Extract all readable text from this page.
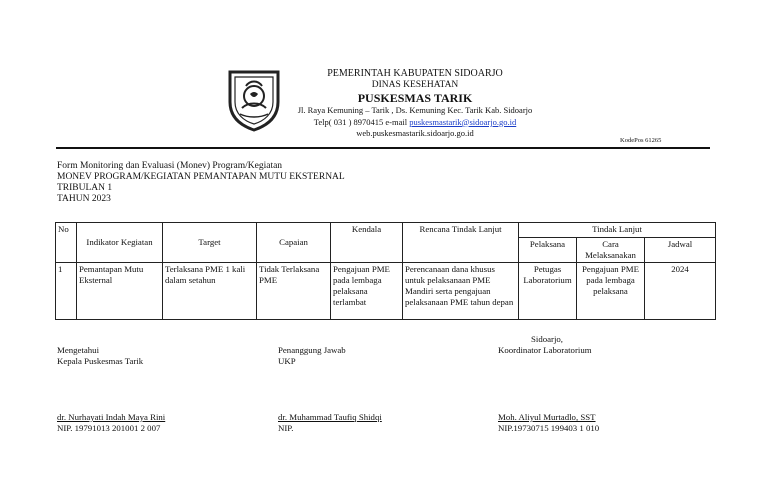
PEMERINTAH KABUPATEN SIDOARJO
DINAS KESEHATAN
PUSKESMAS TARIK
Jl. Raya Kemuning – Tarik , Ds. Kemuning Kec. Tarik Kab. Sidoarjo
Telp( 031 ) 8970415 e-mail puskesmastarik@sidoarjo.go.id
web.puskesmastarik.sidoarjo.go.id
KodePos 61265
Form Monitoring dan Evaluasi (Monev) Program/Kegiatan
MONEV PROGRAM/KEGIATAN PEMANTAPAN MUTU EKSTERNAL
TRIBULAN 1
TAHUN 2023
No	Indikator Kegiatan	Target	Capaian	Kendala	Rencana Tindak Lanjut	Tindak Lanjut		
						Pelaksana	Cara Melaksanakan	Jadwal
1	Pemantapan Mutu Eksternal	Terlaksana PME 1 kali dalam setahun	Tidak Terlaksana PME	Pengajuan PME pada lembaga pelaksana terlambat	Perencanaan dana khusus untuk pelaksanaan PME Mandiri serta pengajuan pelaksanaan PME tahun depan	Petugas Laboratorium	Pengajuan PME pada lembaga pelaksana	2024
Sidoarjo,
Mengetahui
Kepala Puskesmas Tarik
dr. Nurhayati Indah Maya Rini
NIP. 19791013 201001 2 007
Penanggung Jawab
UKP
dr. Muhammad Taufiq Shidqi
NIP.
Koordinator Laboratorium
Moh. Aliyul Murtadlo, SST
NIP.19730715 199403 1 010
